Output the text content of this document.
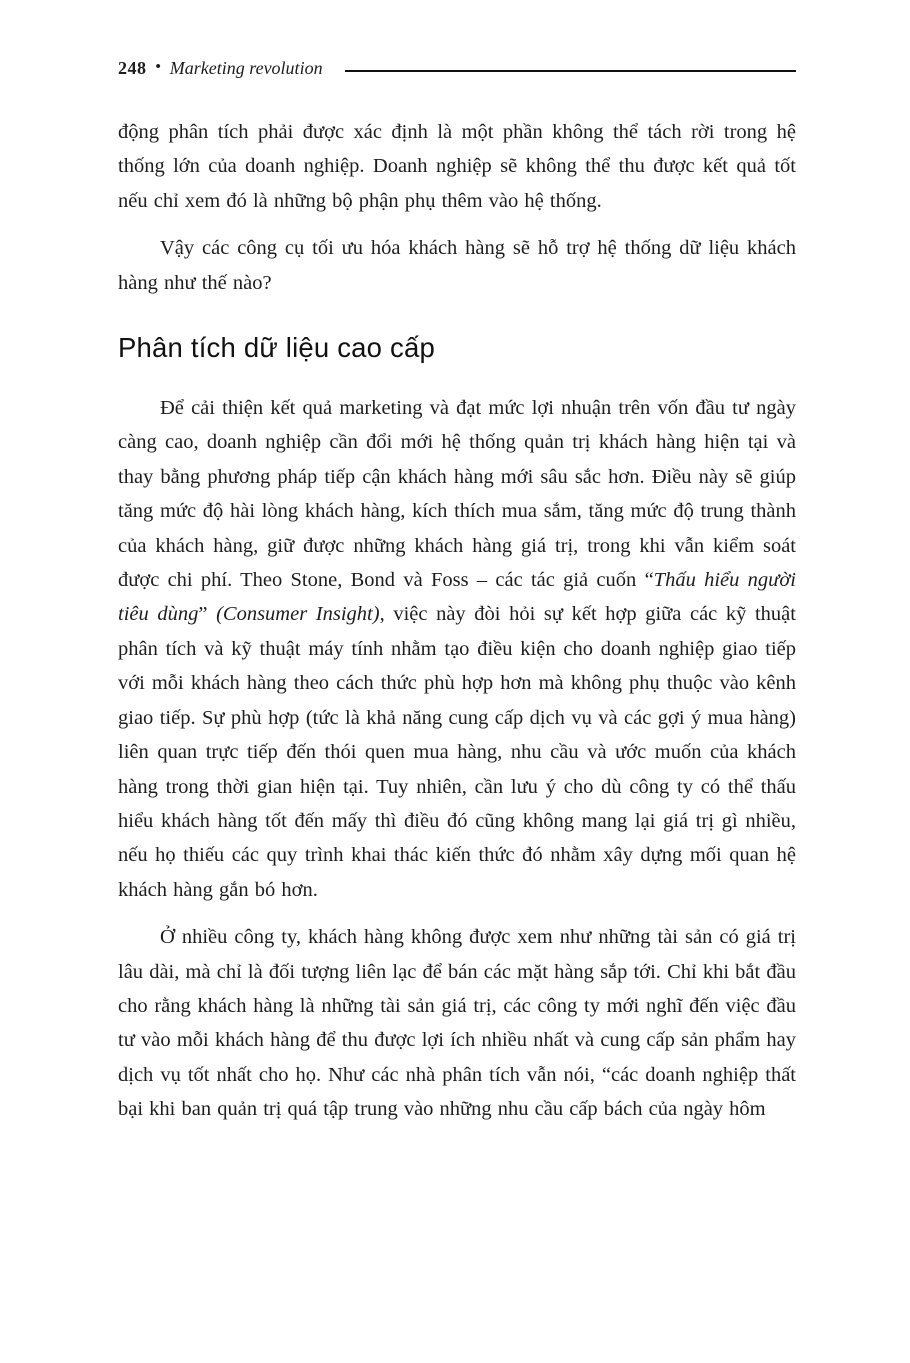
248 • Marketing revolution

động phân tích phải được xác định là một phần không thể tách rời trong hệ thống lớn của doanh nghiệp. Doanh nghiệp sẽ không thể thu được kết quả tốt nếu chỉ xem đó là những bộ phận phụ thêm vào hệ thống.

Vậy các công cụ tối ưu hóa khách hàng sẽ hỗ trợ hệ thống dữ liệu khách hàng như thế nào?

Phân tích dữ liệu cao cấp

Để cải thiện kết quả marketing và đạt mức lợi nhuận trên vốn đầu tư ngày càng cao, doanh nghiệp cần đổi mới hệ thống quản trị khách hàng hiện tại và thay bằng phương pháp tiếp cận khách hàng mới sâu sắc hơn. Điều này sẽ giúp tăng mức độ hài lòng khách hàng, kích thích mua sắm, tăng mức độ trung thành của khách hàng, giữ được những khách hàng giá trị, trong khi vẫn kiểm soát được chi phí. Theo Stone, Bond và Foss – các tác giả cuốn “Thấu hiểu người tiêu dùng” (Consumer Insight), việc này đòi hỏi sự kết hợp giữa các kỹ thuật phân tích và kỹ thuật máy tính nhằm tạo điều kiện cho doanh nghiệp giao tiếp với mỗi khách hàng theo cách thức phù hợp hơn mà không phụ thuộc vào kênh giao tiếp. Sự phù hợp (tức là khả năng cung cấp dịch vụ và các gợi ý mua hàng) liên quan trực tiếp đến thói quen mua hàng, nhu cầu và ước muốn của khách hàng trong thời gian hiện tại. Tuy nhiên, cần lưu ý cho dù công ty có thể thấu hiểu khách hàng tốt đến mấy thì điều đó cũng không mang lại giá trị gì nhiều, nếu họ thiếu các quy trình khai thác kiến thức đó nhằm xây dựng mối quan hệ khách hàng gắn bó hơn.

Ở nhiều công ty, khách hàng không được xem như những tài sản có giá trị lâu dài, mà chỉ là đối tượng liên lạc để bán các mặt hàng sắp tới. Chỉ khi bắt đầu cho rằng khách hàng là những tài sản giá trị, các công ty mới nghĩ đến việc đầu tư vào mỗi khách hàng để thu được lợi ích nhiều nhất và cung cấp sản phẩm hay dịch vụ tốt nhất cho họ. Như các nhà phân tích vẫn nói, “các doanh nghiệp thất bại khi ban quản trị quá tập trung vào những nhu cầu cấp bách của ngày hôm
